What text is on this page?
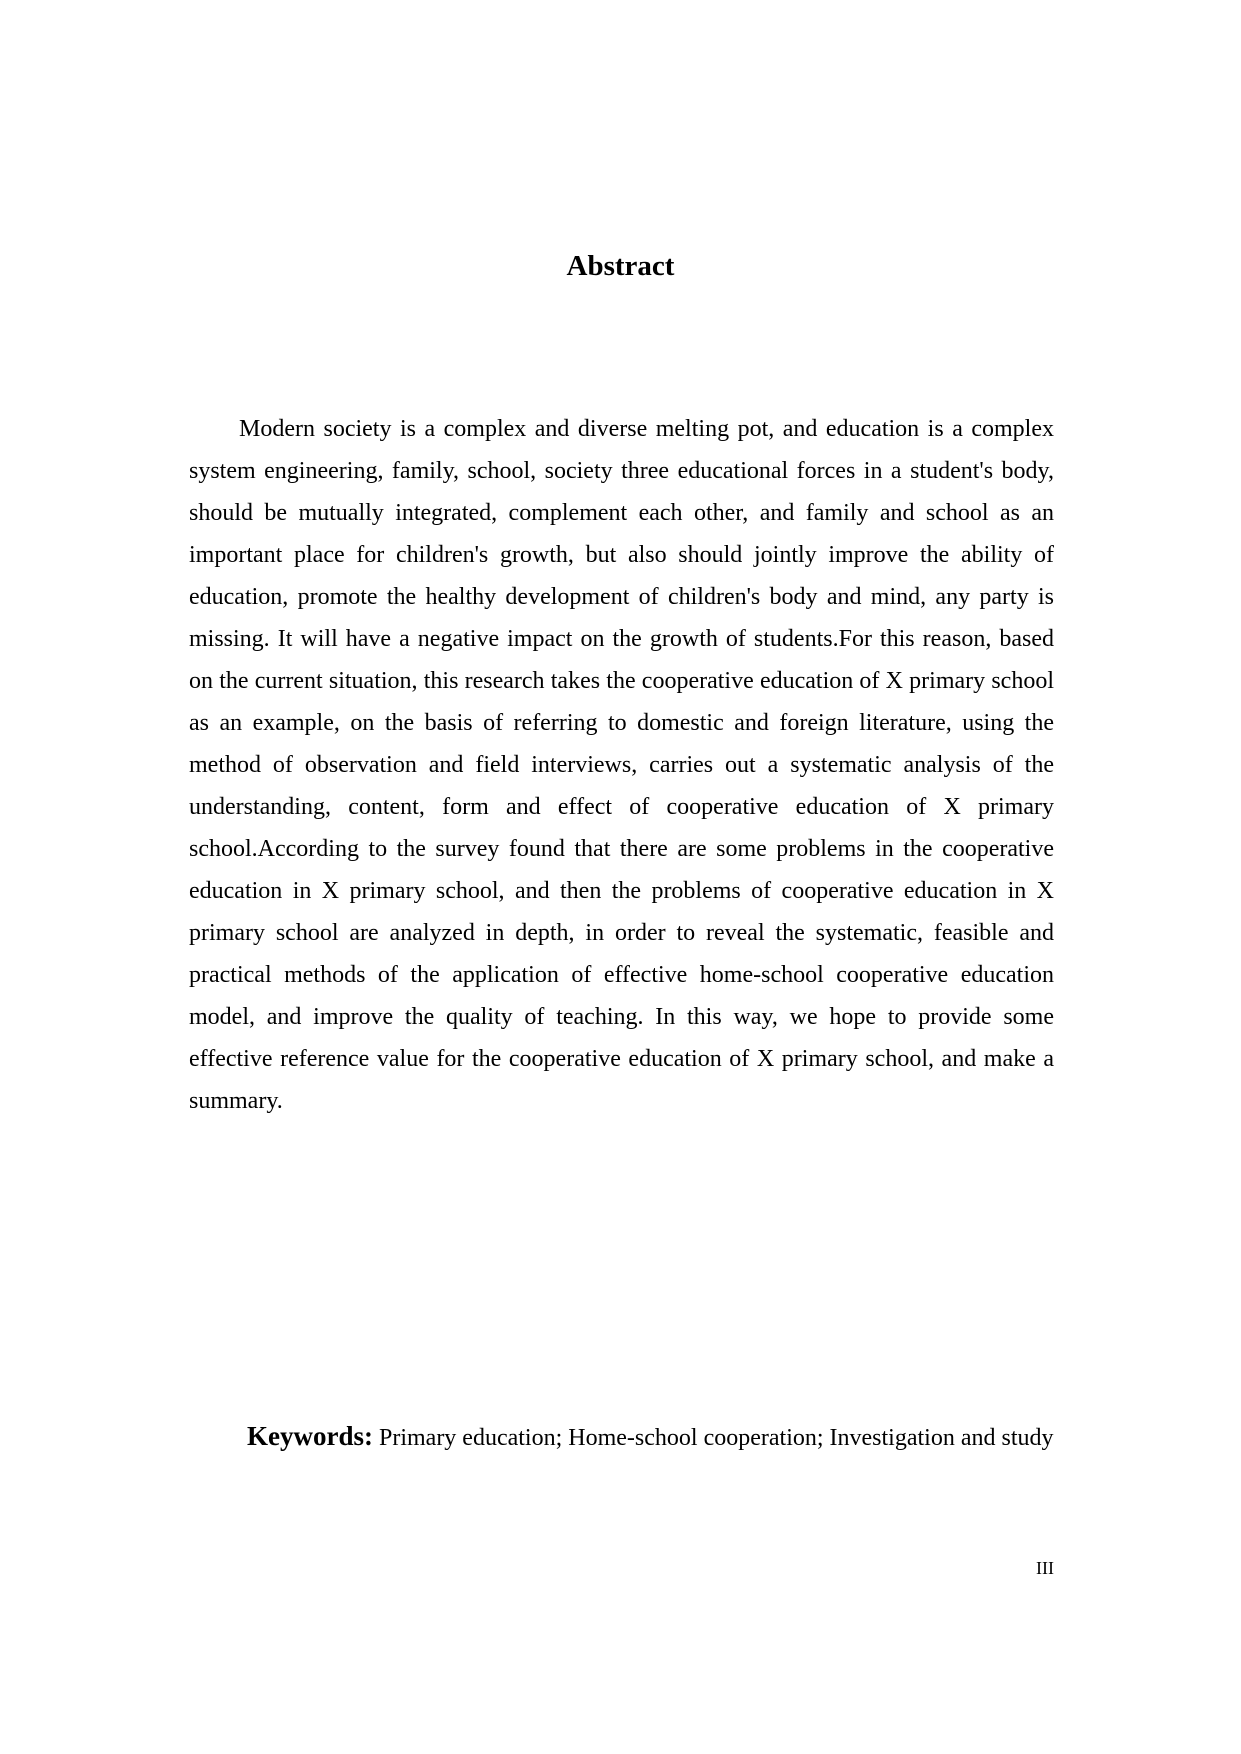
Abstract

Modern society is a complex and diverse melting pot, and education is a complex system engineering, family, school, society three educational forces in a student's body, should be mutually integrated, complement each other, and family and school as an important place for children's growth, but also should jointly improve the ability of education, promote the healthy development of children's body and mind, any party is missing. It will have a negative impact on the growth of students.For this reason, based on the current situation, this research takes the cooperative education of X primary school as an example, on the basis of referring to domestic and foreign literature, using the method of observation and field interviews, carries out a systematic analysis of the understanding, content, form and effect of cooperative education of X primary school.According to the survey found that there are some problems in the cooperative education in X primary school, and then the problems of cooperative education in X primary school are analyzed in depth, in order to reveal the systematic, feasible and practical methods of the application of effective home-school cooperative education model, and improve the quality of teaching. In this way, we hope to provide some effective reference value for the cooperative education of X primary school, and make a summary.

Keywords: Primary education; Home-school cooperation; Investigation and study

III
